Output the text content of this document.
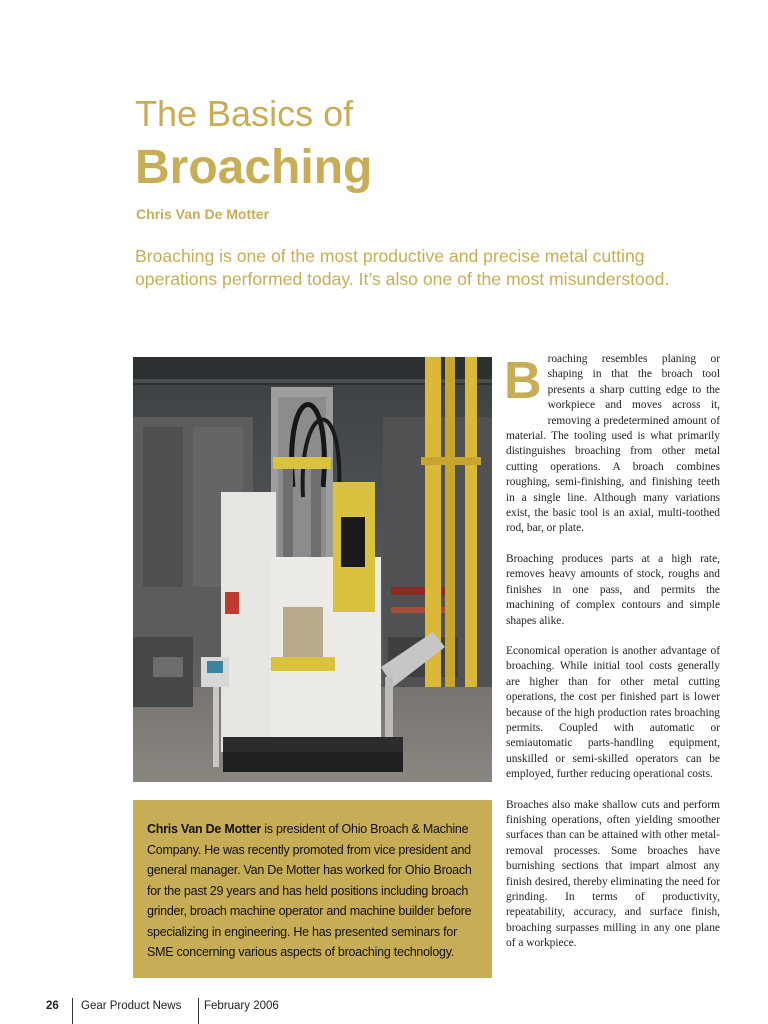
The Basics of
Broaching
Chris Van De Motter
Broaching is one of the most productive and precise metal cutting operations performed today. It’s also one of the most misunderstood.

Chris Van De Motter is president of Ohio Broach & Machine Company. He was recently promoted from vice president and general manager. Van De Motter has worked for Ohio Broach for the past 29 years and has held positions including broach grinder, broach machine operator and machine builder before specializing in engineering. He has presented seminars for SME concerning various aspects of broaching technology.

Broaching resembles planing or shaping in that the broach tool presents a sharp cutting edge to the workpiece and moves across it, removing a predetermined amount of material. The tooling used is what primarily distinguishes broaching from other metal cutting operations. A broach combines roughing, semi-finishing, and finishing teeth in a single line. Although many variations exist, the basic tool is an axial, multi-toothed rod, bar, or plate.

Broaching produces parts at a high rate, removes heavy amounts of stock, roughs and finishes in one pass, and permits the machining of complex contours and simple shapes alike.

Economical operation is another advantage of broaching. While initial tool costs generally are higher than for other metal cutting operations, the cost per finished part is lower because of the high production rates broaching permits. Coupled with automatic or semiautomatic parts-handling equipment, unskilled or semi-skilled operators can be employed, further reducing operational costs.

Broaches also make shallow cuts and perform finishing operations, often yielding smoother surfaces than can be attained with other metal-removal processes. Some broaches have burnishing sections that impart almost any finish desired, thereby eliminating the need for grinding. In terms of productivity, repeatability, accuracy, and surface finish, broaching surpasses milling in any one plane of a workpiece.

26 Gear Product News February 2006
